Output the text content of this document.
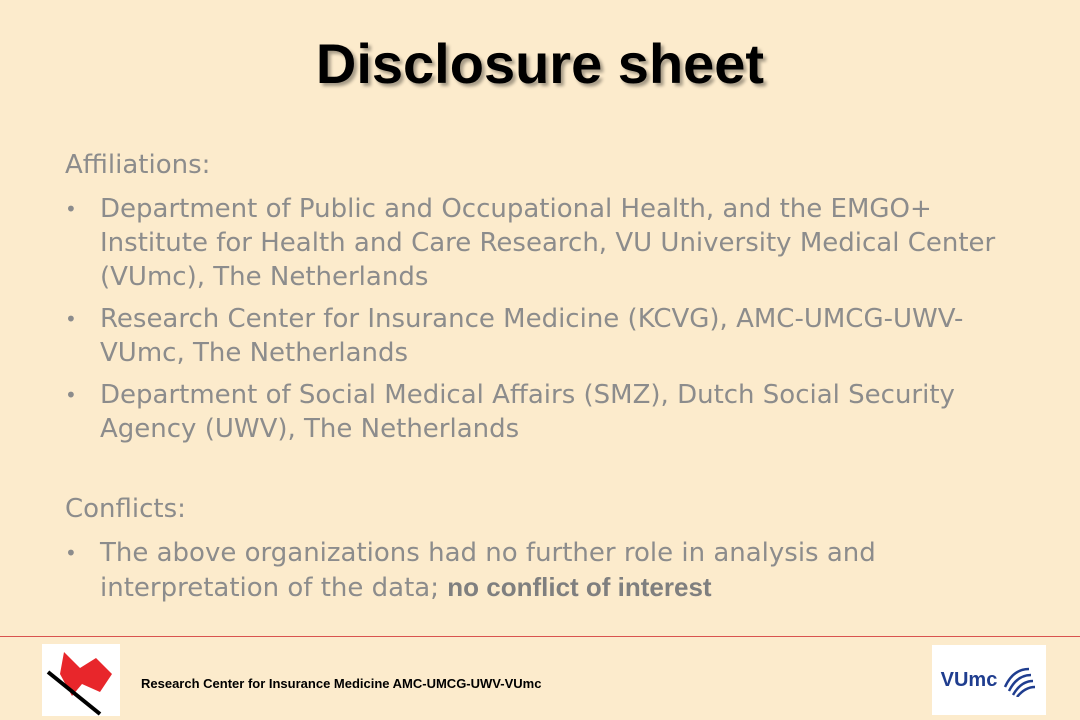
Disclosure sheet
Affiliations:
• Department of Public and Occupational Health, and the EMGO+ Institute for Health and Care Research, VU University Medical Center (VUmc), The Netherlands
• Research Center for Insurance Medicine (KCVG), AMC-UMCG-UWV-VUmc, The Netherlands
• Department of Social Medical Affairs (SMZ), Dutch Social Security Agency (UWV), The Netherlands
Conflicts:
• The above organizations had no further role in analysis and interpretation of the data; no conflict of interest
Research Center for Insurance Medicine AMC-UMCG-UWV-VUmc	VUmc
